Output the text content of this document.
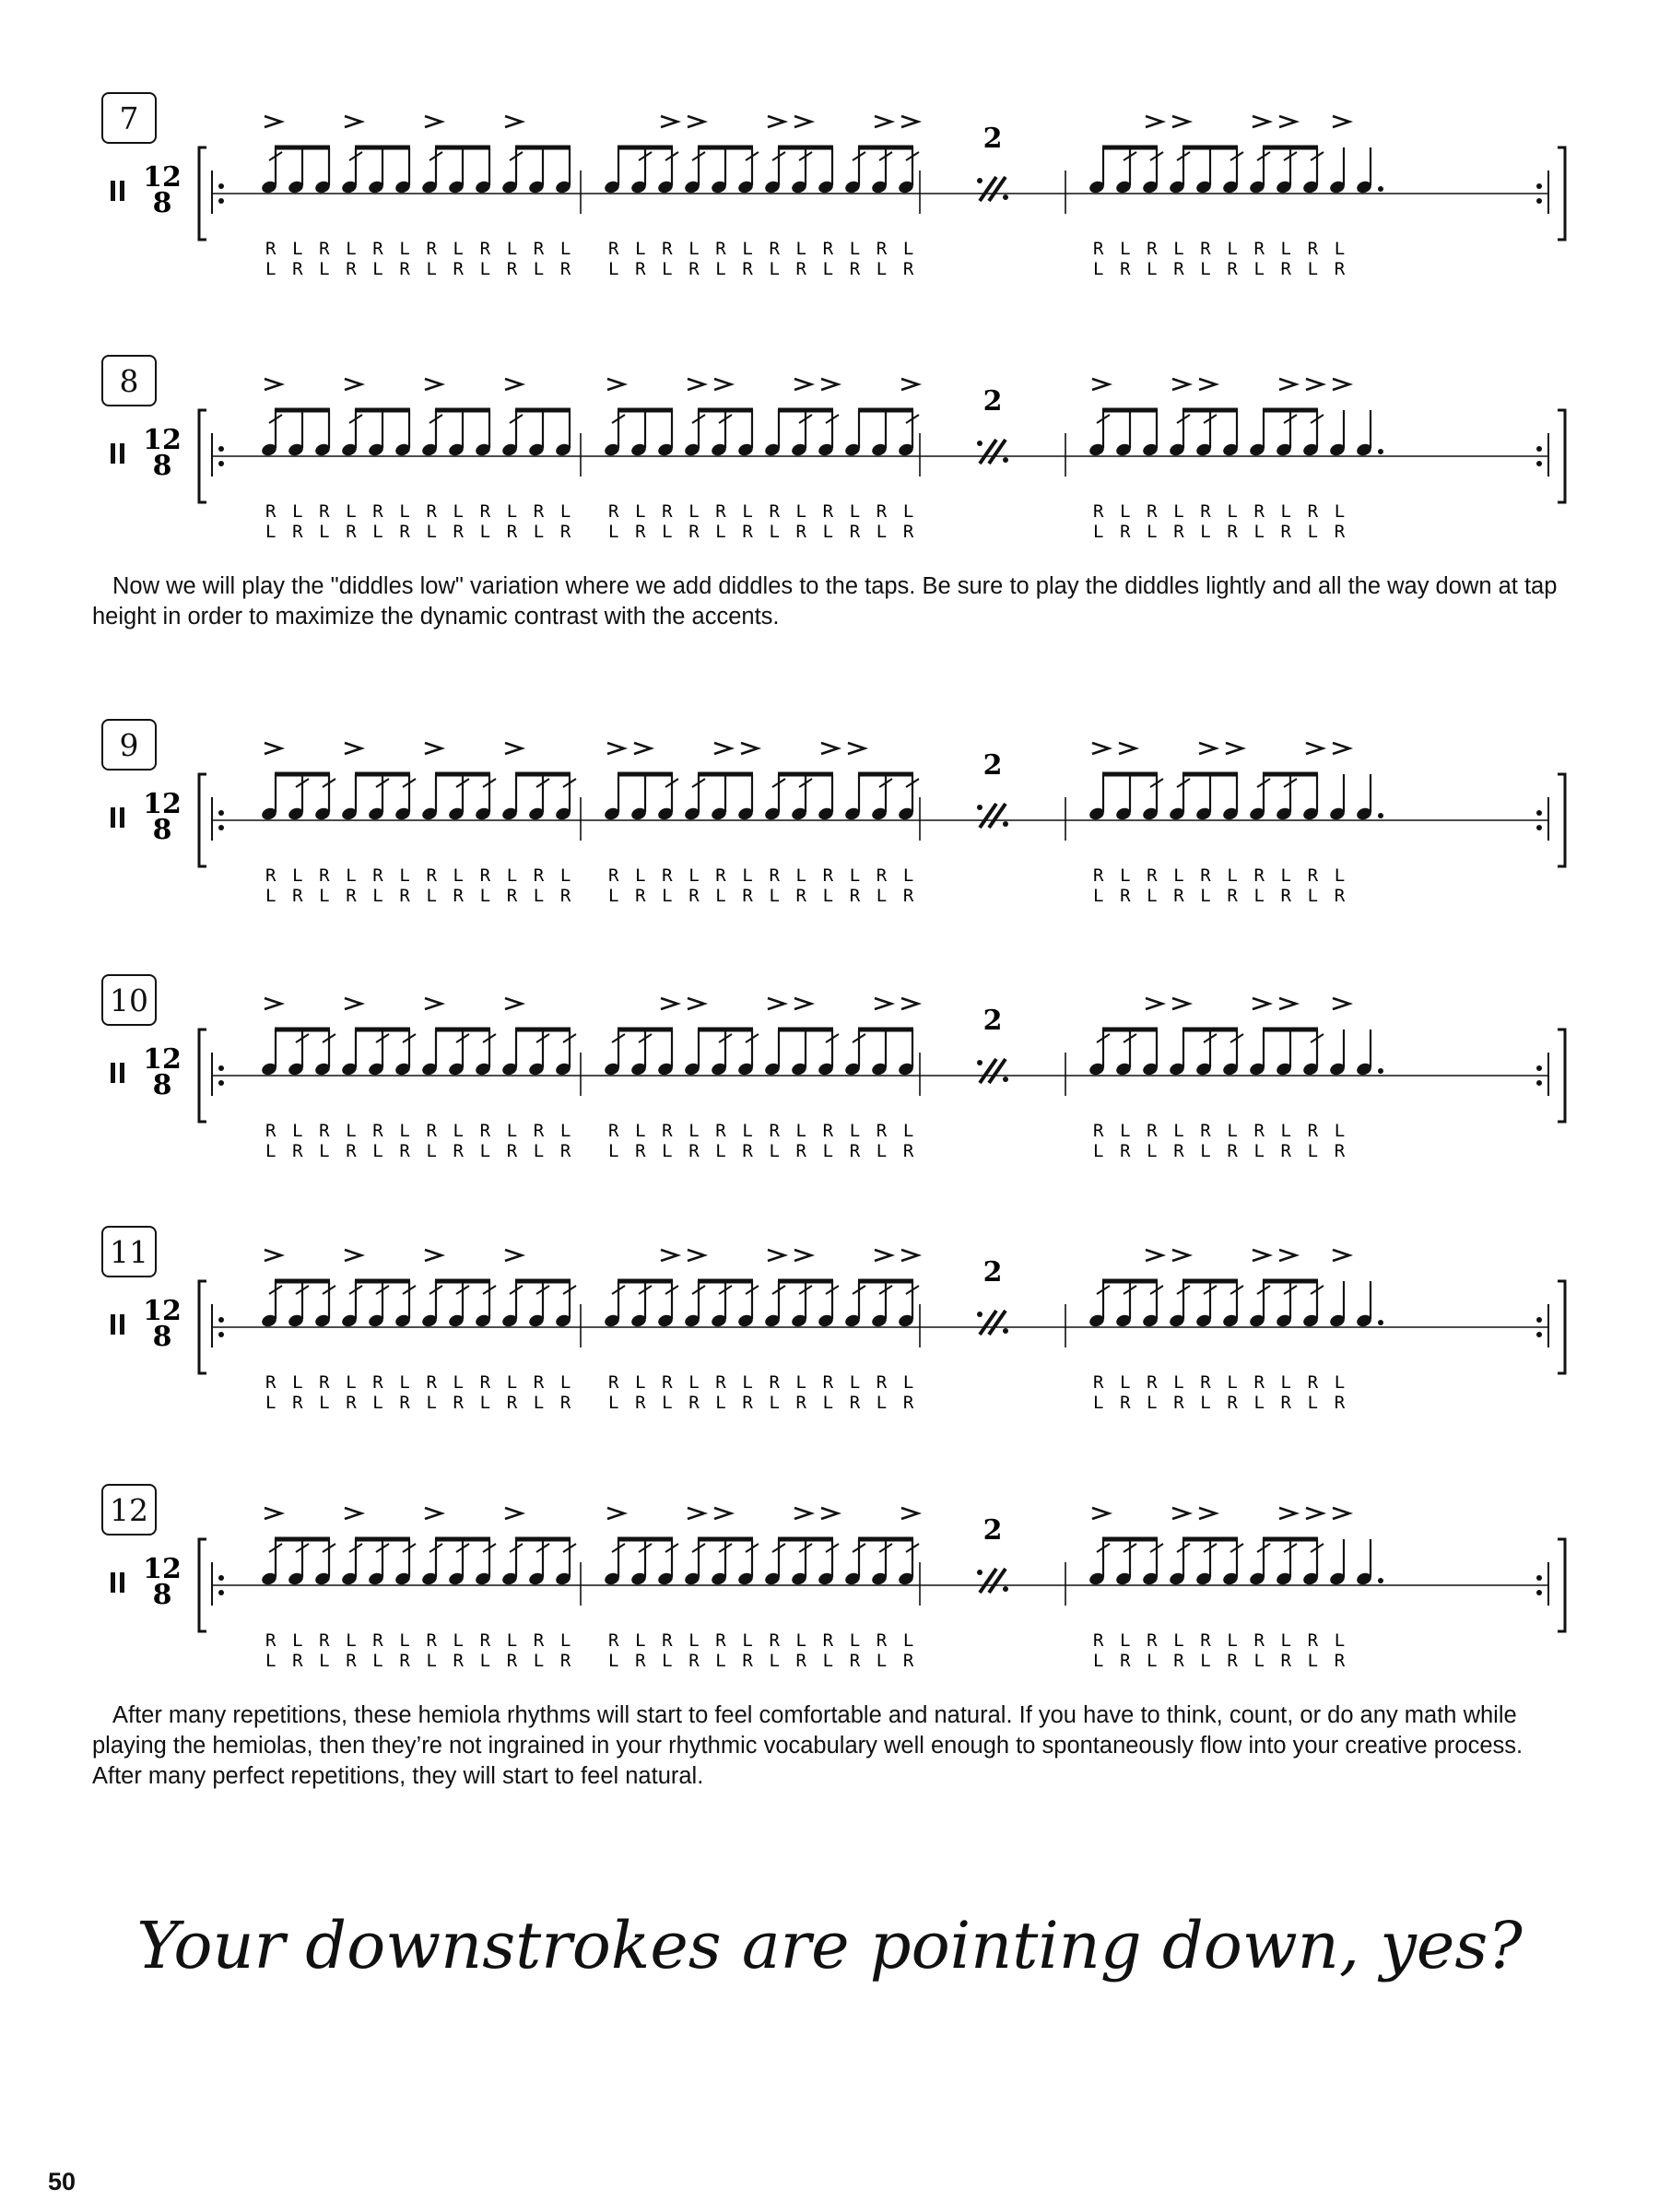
7
12
8
R L R L R L R L R L R L
L R L R L R L R L R L R
R L R L R L R L R L R L
L R L R L R L R L R L R
2
R L R L R L R L R L
L R L R L R L R L R
8
12
8
R L R L R L R L R L R L
L R L R L R L R L R L R
R L R L R L R L R L R L
L R L R L R L R L R L R
2
R L R L R L R L R L
L R L R L R L R L R

Now we will play the "diddles low" variation where we add diddles to the taps. Be sure to play the diddles lightly and all the way down at tap height in order to maximize the dynamic contrast with the accents.

9
12
8
R L R L R L R L R L R L
L R L R L R L R L R L R
R L R L R L R L R L R L
L R L R L R L R L R L R
2
R L R L R L R L R L
L R L R L R L R L R
10
12
8
R L R L R L R L R L R L
L R L R L R L R L R L R
R L R L R L R L R L R L
L R L R L R L R L R L R
2
R L R L R L R L R L
L R L R L R L R L R
11
12
8
R L R L R L R L R L R L
L R L R L R L R L R L R
R L R L R L R L R L R L
L R L R L R L R L R L R
2
R L R L R L R L R L
L R L R L R L R L R
12
12
8
R L R L R L R L R L R L
L R L R L R L R L R L R
R L R L R L R L R L R L
L R L R L R L R L R L R
2
R L R L R L R L R L
L R L R L R L R L R

After many repetitions, these hemiola rhythms will start to feel comfortable and natural. If you have to think, count, or do any math while playing the hemiolas, then they’re not ingrained in your rhythmic vocabulary well enough to spontaneously flow into your creative process. After many perfect repetitions, they will start to feel natural.

Your downstrokes are pointing down, yes?

50
